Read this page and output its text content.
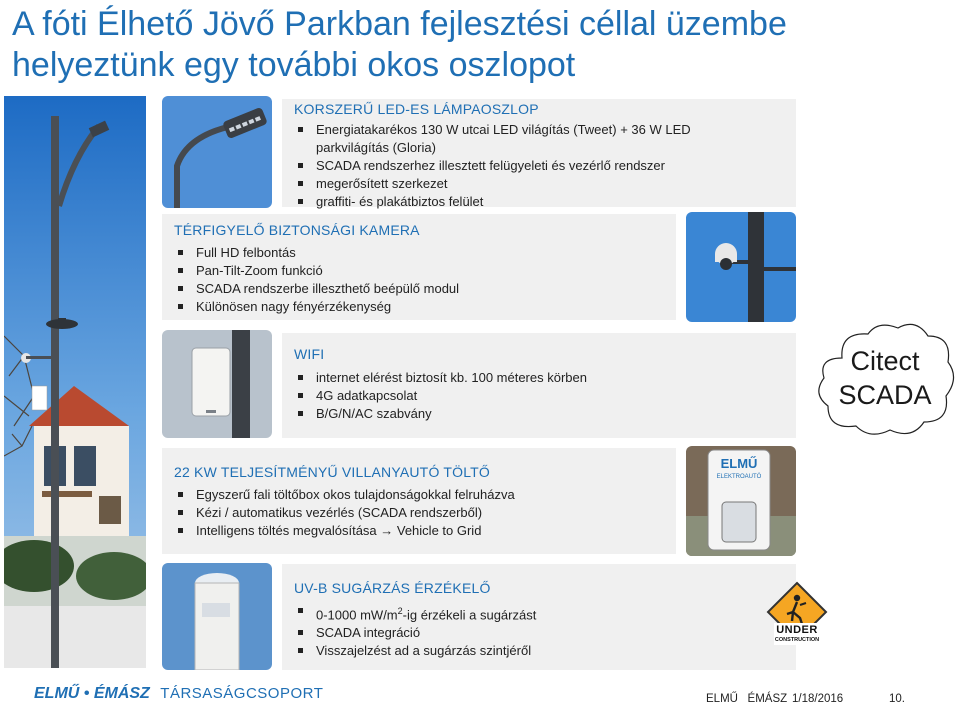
A fóti Élhető Jövő Parkban fejlesztési céllal üzembe helyeztünk egy további okos oszlopot
KORSZERŰ LED-ES LÁMPAOSZLOP
Energiatakarékos 130 W utcai LED világítás (Tweet) + 36 W LED parkvilágítás (Gloria)
SCADA rendszerhez illesztett felügyeleti és vezérlő rendszer
megerősített szerkezet
graffiti- és plakátbiztos felület
TÉRFIGYELŐ BIZTONSÁGI KAMERA
Full HD felbontás
Pan-Tilt-Zoom funkció
SCADA rendszerbe illeszthető beépülő modul
Különösen nagy fényérzékenység
WIFI
internet elérést biztosít kb. 100 méteres körben
4G adatkapcsolat
B/G/N/AC szabvány
Citect
SCADA
22 KW TELJESÍTMÉNYŰ VILLANYAUTÓ TÖLTŐ
Egyszerű fali töltőbox okos tulajdonságokkal felruházva
Kézi / automatikus vezérlés (SCADA rendszerből)
Intelligens töltés megvalósítása → Vehicle to Grid
ELMŰ
ELEKTROAUTÓ
UV-B SUGÁRZÁS ÉRZÉKELŐ
0-1000 $mW/m^2-ig$ érzékeli a sugárzást
SCADA integráció
Visszajelzést ad a sugárzás szintjéről
UNDER
CONSTRUCTION
ELMŰ • ÉMÁSZ TÁRSASÁGCSOPORT	ELMŰ   ÉMÁSZ 1/18/2016	10.
